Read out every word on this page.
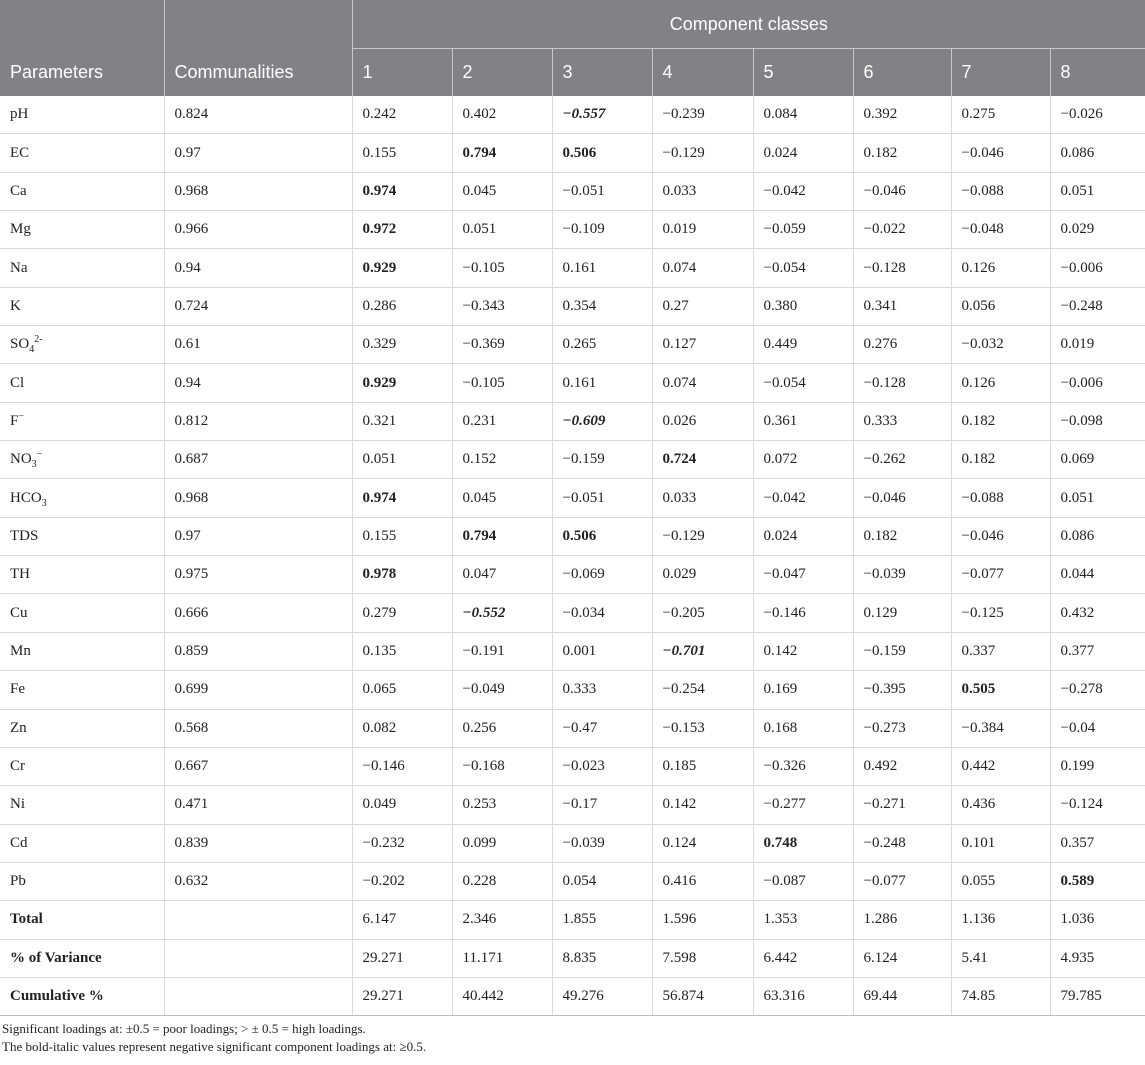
		Component classes							
Parameters	Communalities	1	2	3	4	5	6	7	8
pH	0.824	0.242	0.402	−0.557	−0.239	0.084	0.392	0.275	−0.026
EC	0.97	0.155	0.794	0.506	−0.129	0.024	0.182	−0.046	0.086
Ca	0.968	0.974	0.045	−0.051	0.033	−0.042	−0.046	−0.088	0.051
Mg	0.966	0.972	0.051	−0.109	0.019	−0.059	−0.022	−0.048	0.029
Na	0.94	0.929	−0.105	0.161	0.074	−0.054	−0.128	0.126	−0.006
K	0.724	0.286	−0.343	0.354	0.27	0.380	0.341	0.056	−0.248
$SO_4^{2-}$	0.61	0.329	−0.369	0.265	0.127	0.449	0.276	−0.032	0.019
Cl	0.94	0.929	−0.105	0.161	0.074	−0.054	−0.128	0.126	−0.006
F−	0.812	0.321	0.231	−0.609	0.026	0.361	0.333	0.182	−0.098
$NO_3^-$	0.687	0.051	0.152	−0.159	0.724	0.072	−0.262	0.182	0.069
$HCO_3$	0.968	0.974	0.045	−0.051	0.033	−0.042	−0.046	−0.088	0.051
TDS	0.97	0.155	0.794	0.506	−0.129	0.024	0.182	−0.046	0.086
TH	0.975	0.978	0.047	−0.069	0.029	−0.047	−0.039	−0.077	0.044
Cu	0.666	0.279	−0.552	−0.034	−0.205	−0.146	0.129	−0.125	0.432
Mn	0.859	0.135	−0.191	0.001	−0.701	0.142	−0.159	0.337	0.377
Fe	0.699	0.065	−0.049	0.333	−0.254	0.169	−0.395	0.505	−0.278
Zn	0.568	0.082	0.256	−0.47	−0.153	0.168	−0.273	−0.384	−0.04
Cr	0.667	−0.146	−0.168	−0.023	0.185	−0.326	0.492	0.442	0.199
Ni	0.471	0.049	0.253	−0.17	0.142	−0.277	−0.271	0.436	−0.124
Cd	0.839	−0.232	0.099	−0.039	0.124	0.748	−0.248	0.101	0.357
Pb	0.632	−0.202	0.228	0.054	0.416	−0.087	−0.077	0.055	0.589
Total		6.147	2.346	1.855	1.596	1.353	1.286	1.136	1.036
% of Variance		29.271	11.171	8.835	7.598	6.442	6.124	5.41	4.935
Cumulative %		29.271	40.442	49.276	56.874	63.316	69.44	74.85	79.785
Significant loadings at: ±0.5 = poor loadings; > ± 0.5 = high loadings.
The bold-italic values represent negative significant component loadings at: ≥0.5.
